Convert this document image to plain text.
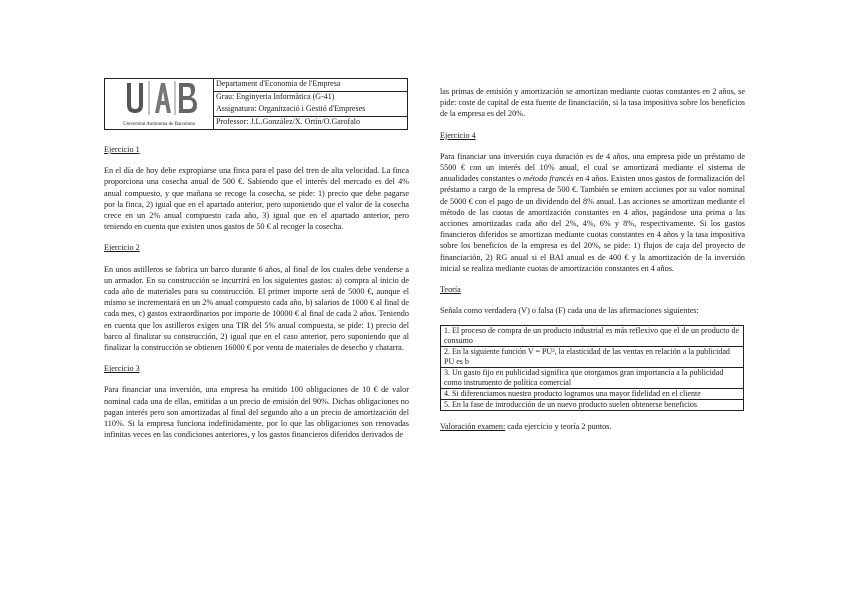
Universitat Autònoma de Barcelona
	Departament d'Economia de l'Empresa
Grau: Enginyeria Informàtica (G-41)
Assignatura: Organització i Gestió d'Empreses
Professor: J.L.González/X. Ortín/O.Garofalo

Ejercicio 1

En el día de hoy debe expropiarse una finca para el paso del tren de alta velocidad. La finca proporciona una cosecha anual de 500 €. Sabiendo que el interés del mercado es del 4% anual compuesto, y que mañana se recoge la cosecha, se pide: 1) precio que debe pagarse por la finca, 2) igual que en el apartado anterior, pero suponiendo que el valor de la cosecha crece en un 2% anual compuesto cada año, 3) igual que en el apartado anterior, pero teniendo en cuenta que existen unos gastos de 50 € al recoger la cosecha.

Ejercicio 2

En unos astilleros se fabrica un barco durante 6 años, al final de los cuales debe venderse a un armador. En su construcción se incurrirá en los siguientes gastos: a) compra al inicio de cada año de materiales para su construcción. El primer importe será de 5000 €, aunque el mismo se incrementará en un 2% anual compuesto cada año, b) salarios de 1000 € al final de cada mes, c) gastos extraordinarios por importe de 10000 € al final de cada 2 años. Teniendo en cuenta que los astilleros exigen una TIR del 5% anual compuesta, se pide: 1) precio del barco al finalizar su construcción, 2) igual que en el caso anterior, pero suponiendo que al finalizar la construcción se obtienen 16000 € por venta de materiales de desecho y chatarra.

Ejercicio 3

Para financiar una inversión, una empresa ha emitido 100 obligaciones de 10 € de valor nominal cada una de ellas, emitidas a un precio de emisión del 90%. Dichas obligaciones no pagan interés pero son amortizadas al final del segundo año a un precio de amortización del 110%. Si la empresa funciona indefinidamente, por lo que las obligaciones son renovadas infinitas veces en las condiciones anteriores, y los gastos financieros diferidos derivados de

las primas de emisión y amortización se amortizan mediante cuotas constantes en 2 años, se pide: coste de capital de esta fuente de financiación, si la tasa impositiva sobre los beneficios de la empresa es del 20%.

Ejercicio 4

Para financiar una inversión cuya duración es de 4 años, una empresa pide un préstamo de 5500 € con un interés del 10% anual, el cual se amortizará mediante el sistema de anualidades constantes o método francés en 4 años. Existen unos gastos de formalización del préstamo a cargo de la empresa de 500 €. También se emiten acciones por su valor nominal de 5000 € con el pago de un dividendo del 8% anual. Las acciones se amortizan mediante el método de las cuotas de amortización constantes en 4 años, pagándose una prima a las acciones amortizadas cada año del 2%, 4%, 6% y 8%, respectivamente. Si los gastos financieros diferidos se amortizan mediante cuotas constantes en 4 años y la tasa impositiva sobre los beneficios de la empresa es del 20%, se pide: 1) flujos de caja del proyecto de financiación, 2) RG anual si el BAI anual es de 400 € y la amortización de la inversión inicial se realiza mediante cuotas de amortización constantes en 4 años.

Teoría

Señala como verdadera (V) o falsa (F) cada una de las afirmaciones siguientes:

1. El proceso de compra de un producto industrial es más reflexivo que el de un producto de consumo
2. En la siguiente función V = PU², la elasticidad de las ventas en relación a la publicidad PU es b
3. Un gasto fijo en publicidad significa que otorgamos gran importancia a la publicidad como instrumento de política comercial
4. Si diferenciamos nuestro producto logramos una mayor fidelidad en el cliente
5. En la fase de introducción de un nuevo producto suelen obtenerse beneficios

Valoración examen: cada ejercicio y teoría 2 puntos.
